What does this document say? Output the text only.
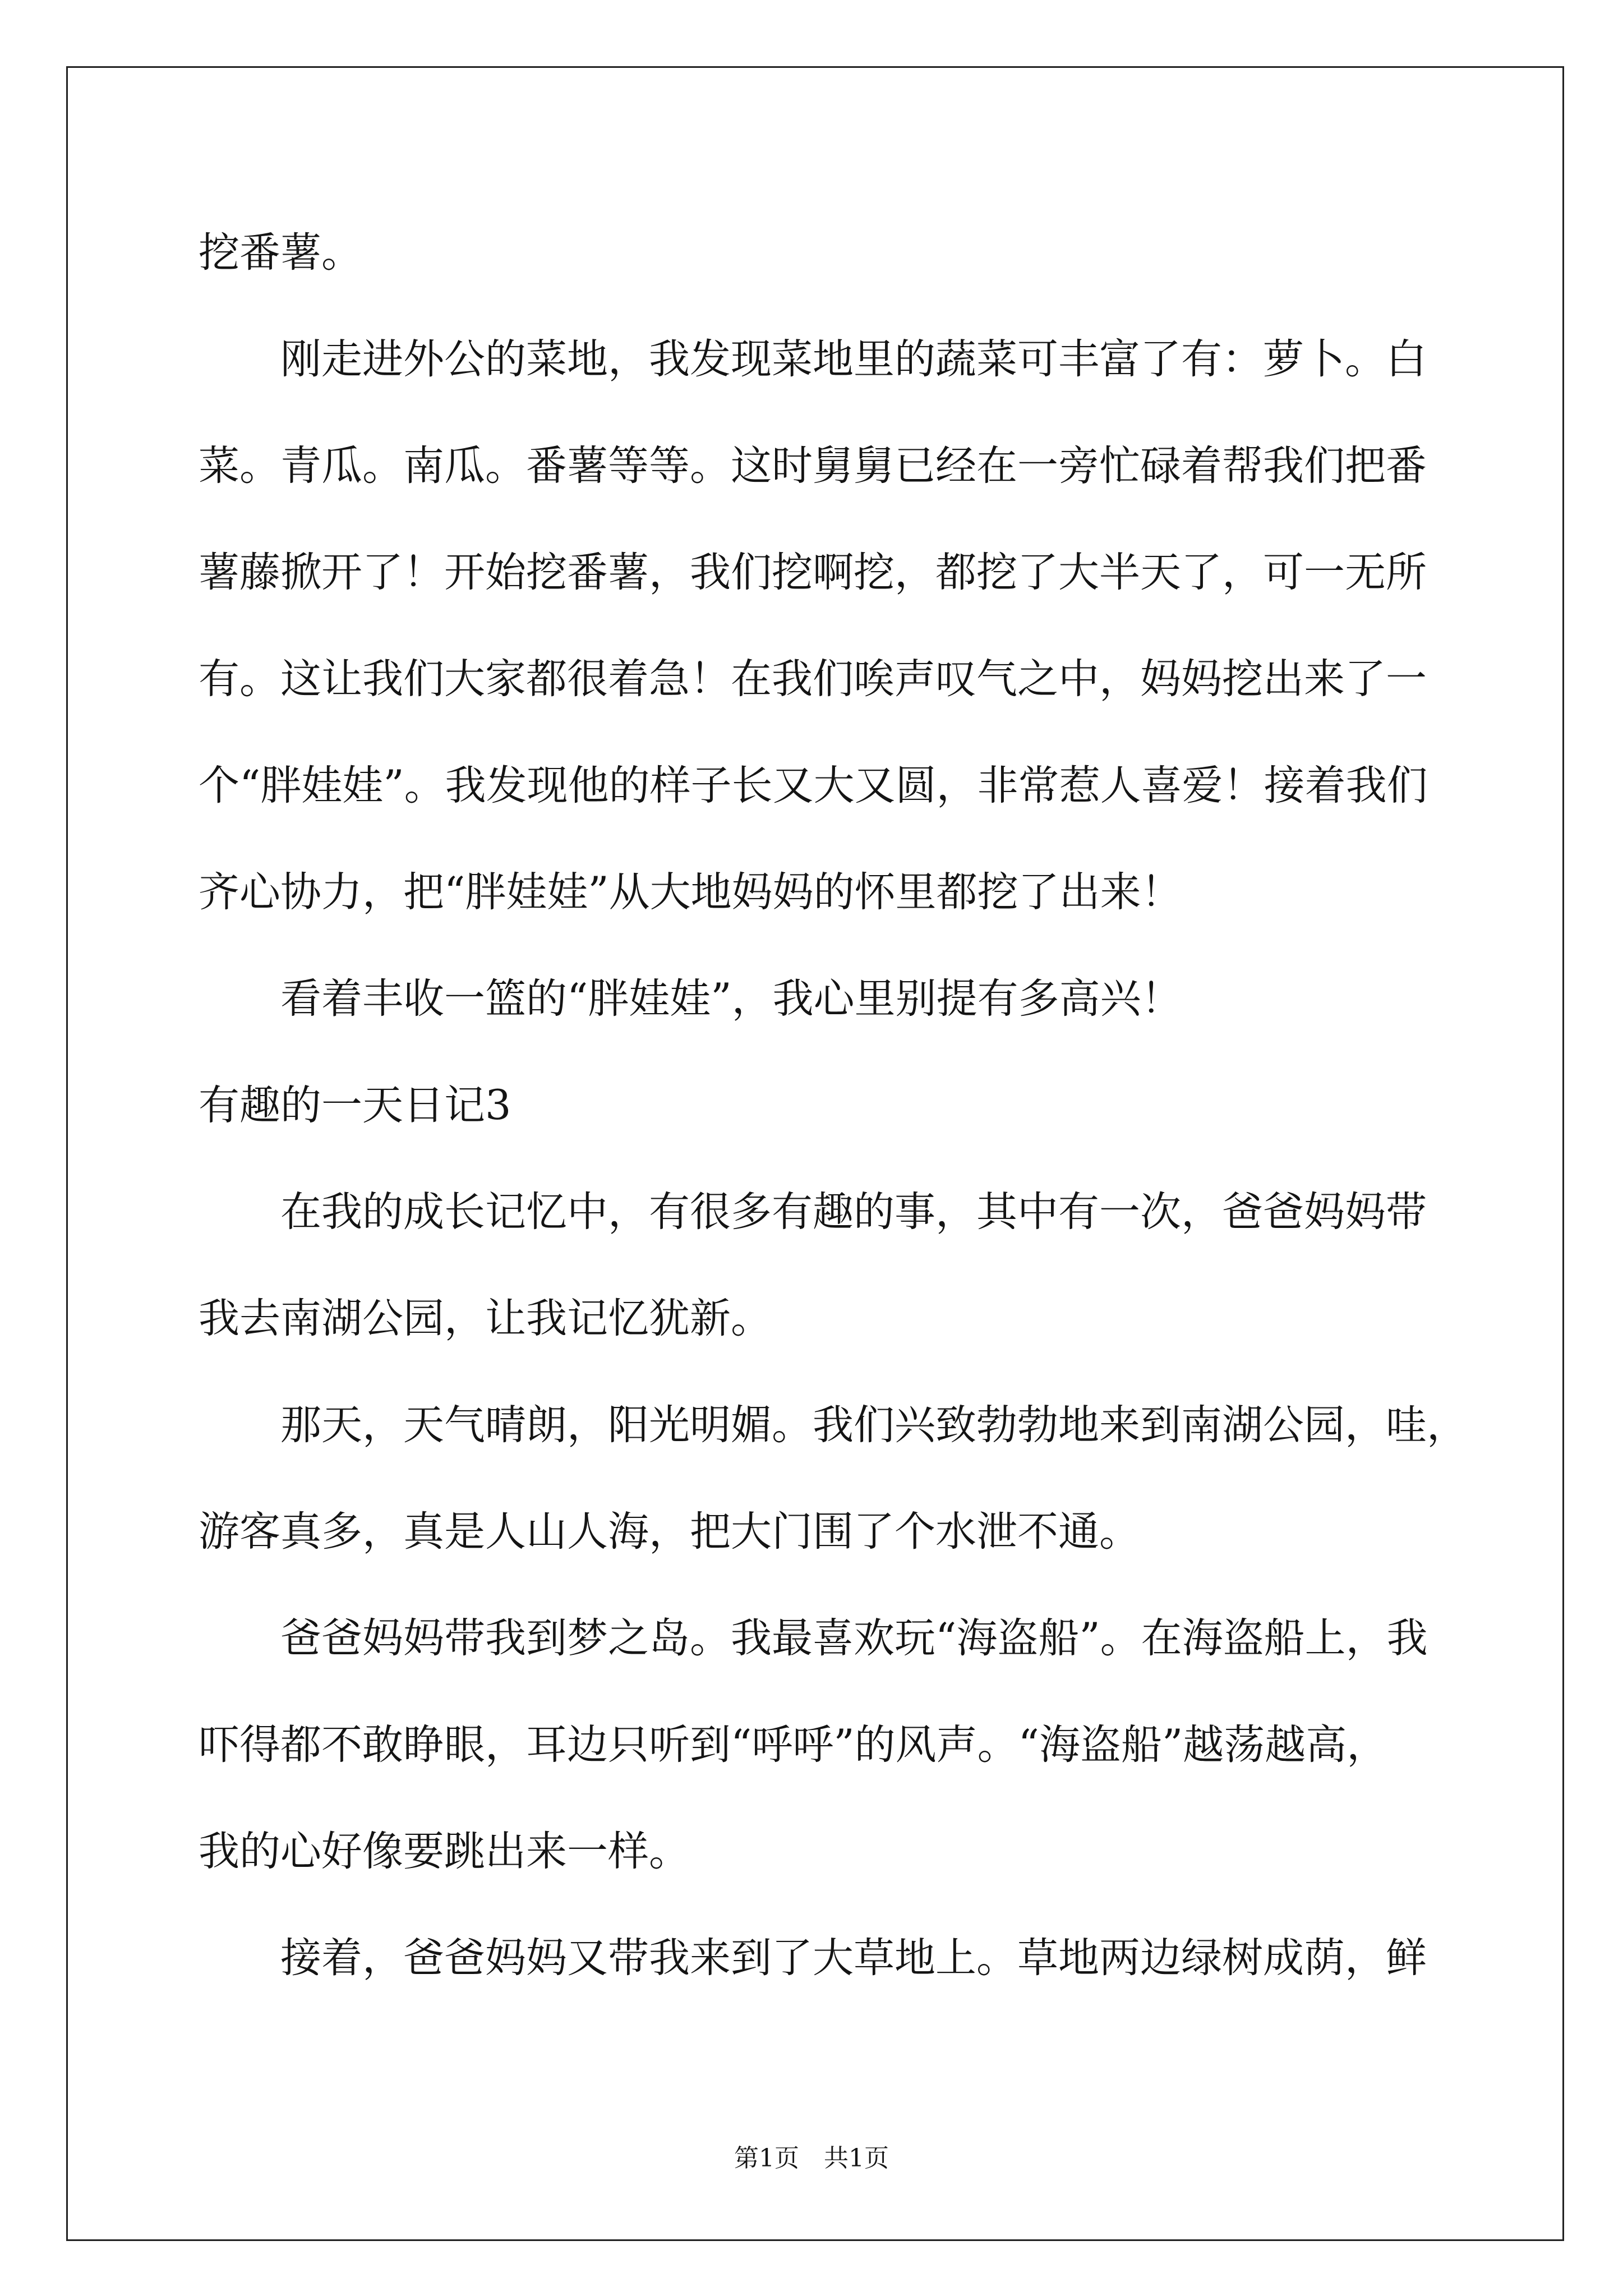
挖番薯。
刚走进外公的菜地，我发现菜地里的蔬菜可丰富了有：萝卜。白
菜。青瓜。南瓜。番薯等等。这时舅舅已经在一旁忙碌着帮我们把番
薯藤掀开了！开始挖番薯，我们挖啊挖，都挖了大半天了，可一无所
有。这让我们大家都很着急！在我们唉声叹气之中，妈妈挖出来了一
个“胖娃娃”。我发现他的样子长又大又圆，非常惹人喜爱！接着我们
齐心协力，把“胖娃娃”从大地妈妈的怀里都挖了出来！
看着丰收一篮的“胖娃娃”，我心里别提有多高兴！
有趣的一天日记3
在我的成长记忆中，有很多有趣的事，其中有一次，爸爸妈妈带
我去南湖公园，让我记忆犹新。
那天，天气晴朗，阳光明媚。我们兴致勃勃地来到南湖公园，哇，
游客真多，真是人山人海，把大门围了个水泄不通。
爸爸妈妈带我到梦之岛。我最喜欢玩“海盗船”。在海盗船上，我
吓得都不敢睁眼，耳边只听到“呼呼”的风声。“海盗船”越荡越高，
我的心好像要跳出来一样。
接着，爸爸妈妈又带我来到了大草地上。草地两边绿树成荫，鲜
第1页　共1页
